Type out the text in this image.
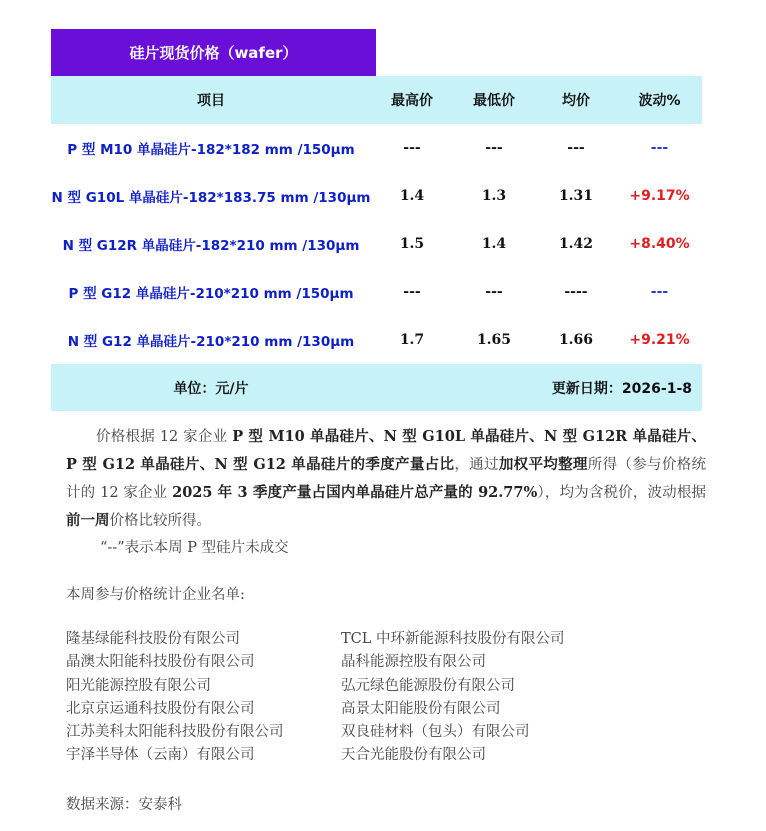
硅片现货价格（wafer）
项目	最高价	最低价	均价	波动%
P 型 M10 单晶硅片-182*182 mm /150μm	---	---	---	---
N 型 G10L 单晶硅片-182*183.75 mm /130μm	1.4	1.3	1.31	+9.17%
N 型 G12R 单晶硅片-182*210 mm /130μm	1.5	1.4	1.42	+8.40%
P 型 G12 单晶硅片-210*210 mm /150μm	---	---	----	---
N 型 G12 单晶硅片-210*210 mm /130μm	1.7	1.65	1.66	+9.21%
单位：元/片	更新日期：2026-1-8
价格根据 12 家企业 P 型 M10 单晶硅片、N 型 G10L 单晶硅片、N 型 G12R 单晶硅片、P 型 G12 单晶硅片、N 型 G12 单晶硅片的季度产量占比，通过加权平均整理所得（参与价格统计的 12 家企业 2025 年 3 季度产量占国内单晶硅片总产量的 92.77%），均为含税价，波动根据前一周价格比较所得。
“--”表示本周 P 型硅片未成交
本周参与价格统计企业名单:
隆基绿能科技股份有限公司
晶澳太阳能科技股份有限公司
阳光能源控股有限公司
北京京运通科技股份有限公司
江苏美科太阳能科技股份有限公司
宇泽半导体（云南）有限公司
TCL 中环新能源科技股份有限公司
晶科能源控股有限公司
弘元绿色能源股份有限公司
高景太阳能股份有限公司
双良硅材料（包头）有限公司
天合光能股份有限公司
数据来源：安泰科
